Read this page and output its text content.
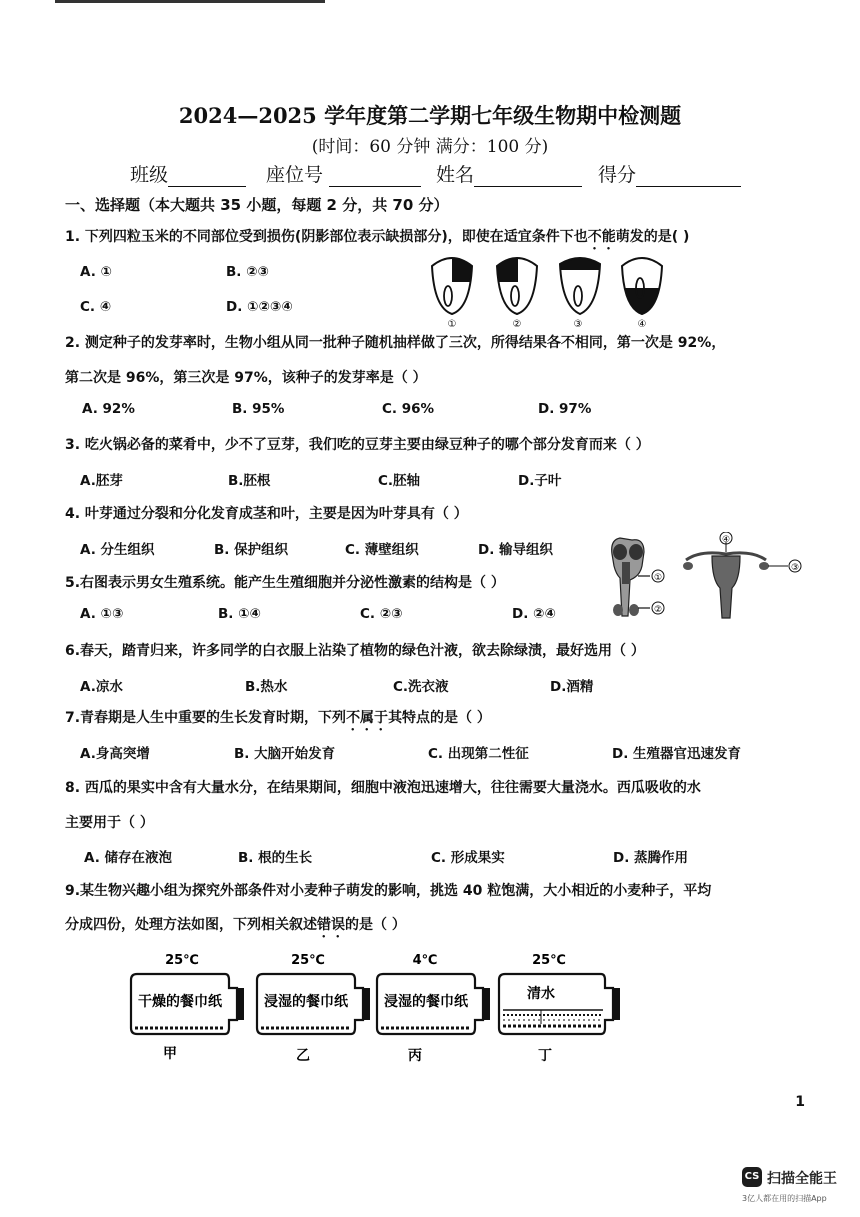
2024—2025 学年度第二学期七年级生物期中检测题
(时间：60 分钟 满分：100 分)
班级	座位号	姓名	得分
一、选择题（本大题共 35 小题，每题 2 分，共 70 分）
1. 下列四粒玉米的不同部位受到损伤(阴影部位表示缺损部分)，即使在适宜条件下也不能萌发的是( )
A. ①	B. ②③
C. ④	D. ①②③④
①	②	③	④
2. 测定种子的发芽率时，生物小组从同一批种子随机抽样做了三次，所得结果各不相同，第一次是 92%，
第二次是 96%，第三次是 97%，该种子的发芽率是（ ）
A. 92%	B. 95%	C. 96%	D. 97%
3. 吃火锅必备的菜肴中，少不了豆芽，我们吃的豆芽主要由绿豆种子的哪个部分发育而来（ ）
A.胚芽	B.胚根	C.胚轴	D.子叶
4. 叶芽通过分裂和分化发育成茎和叶，主要是因为叶芽具有（ ）
A. 分生组织	B. 保护组织	C. 薄壁组织	D. 输导组织
①
②
④
③
5.右图表示男女生殖系统。能产生生殖细胞并分泌性激素的结构是（ ）
A. ①③	B. ①④	C. ②③	D. ②④
6.春天，踏青归来，许多同学的白衣服上沾染了植物的绿色汁液，欲去除绿渍，最好选用（ ）
A.凉水	B.热水	C.洗衣液	D.酒精
7.青春期是人生中重要的生长发育时期，下列不属于其特点的是（ ）
A.身高突增	B. 大脑开始发育	C. 出现第二性征	D. 生殖器官迅速发育
8. 西瓜的果实中含有大量水分，在结果期间，细胞中液泡迅速增大，往往需要大量浇水。西瓜吸收的水
主要用于（ ）
A. 储存在液泡	B. 根的生长	C. 形成果实	D. 蒸腾作用
9.某生物兴趣小组为探究外部条件对小麦种子萌发的影响，挑选 40 粒饱满，大小相近的小麦种子，平均
分成四份，处理方法如图，下列相关叙述错误的是（ ）
25℃
干燥的餐巾纸
甲
25℃
浸湿的餐巾纸
乙
4℃
浸湿的餐巾纸
丙
25℃
清水
丁
1
CS 扫描全能王
3亿人都在用的扫描App
